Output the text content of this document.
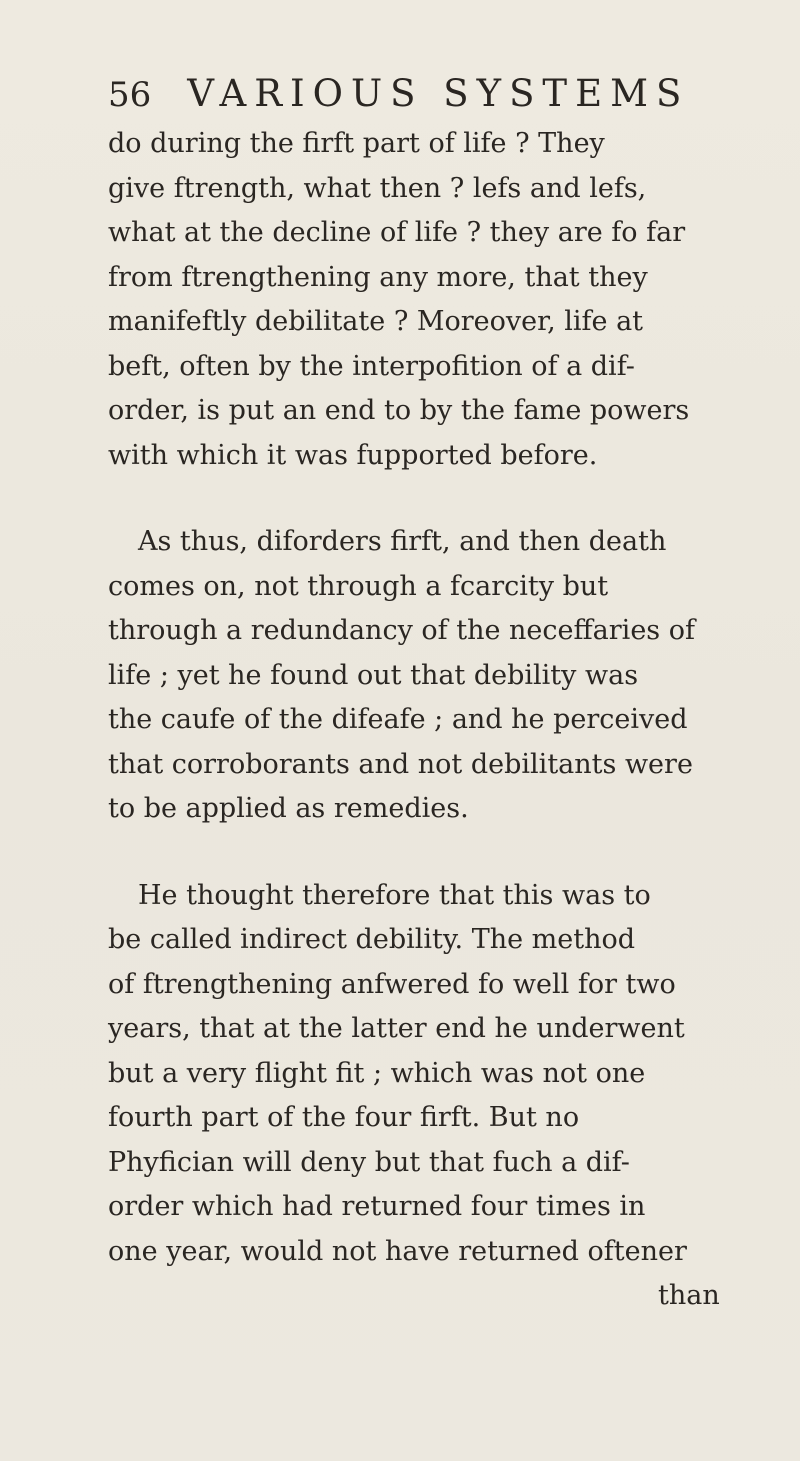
56 VARIOUS SYSTEMS
do during the firft part of life ? They
give ftrength, what then ? lefs and lefs,
what at the decline of life ? they are fo far
from ftrengthening any more, that they
manifeftly debilitate ? Moreover, life at
beft, often by the interpofition of a dif-
order, is put an end to by the fame powers
with which it was fupported before.
As thus, diforders firft, and then death
comes on, not through a fcarcity but
through a redundancy of the neceffaries of
life ; yet he found out that debility was
the caufe of the difeafe ; and he perceived
that corroborants and not debilitants were
to be applied as remedies.
He thought therefore that this was to
be called indirect debility. The method
of ftrengthening anfwered fo well for two
years, that at the latter end he underwent
but a very flight fit ; which was not one
fourth part of the four firft. But no
Phyfician will deny but that fuch a dif-
order which had returned four times in
one year, would not have returned oftener
than
